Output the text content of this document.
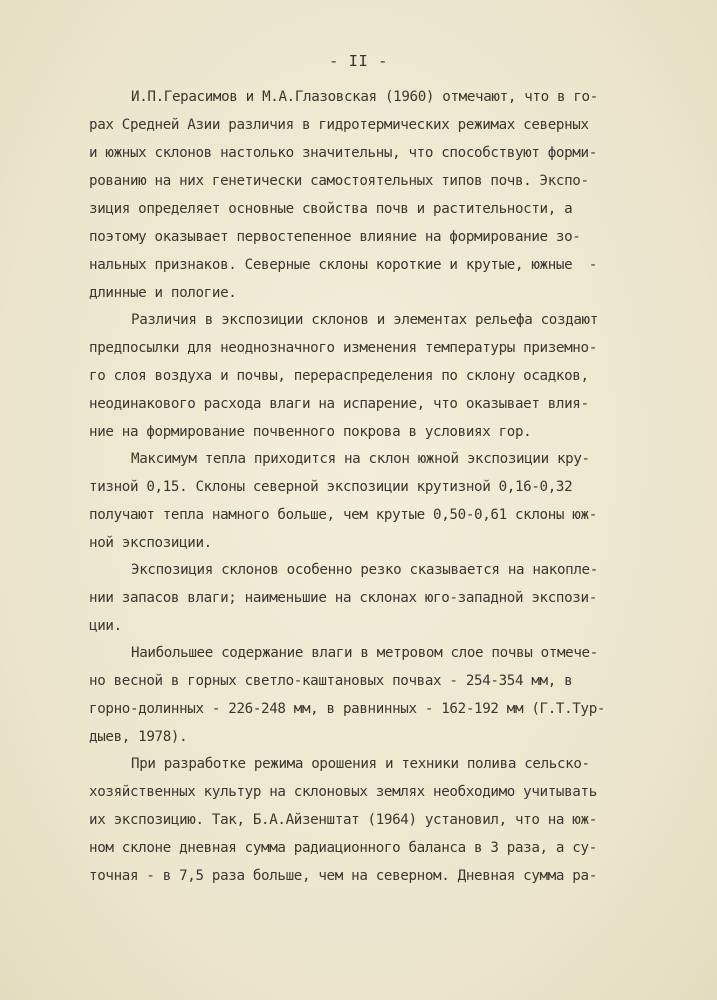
- II -
И.П.Герасимов и М.А.Глазовская (1960) отмечают, что в го-
рах Средней Азии различия в гидротермических режимах северных
и южных склонов настолько значительны, что способствуют форми-
рованию на них генетически самостоятельных типов почв. Экспо-
зиция определяет основные свойства почв и растительности, а
поэтому оказывает первостепенное влияние на формирование зо-
нальных признаков. Северные склоны короткие и крутые, южные  -
длинные и пологие.
Различия в экспозиции склонов и элементах рельефа создают
предпосылки для неоднозначного изменения температуры приземно-
го слоя воздуха и почвы, перераспределения по склону осадков,
неодинакового расхода влаги на испарение, что оказывает влия-
ние на формирование почвенного покрова в условиях гор.
Максимум тепла приходится на склон южной экспозиции кру-
тизной 0,15. Склоны северной экспозиции крутизной 0,16-0,32
получают тепла намного больше, чем крутые 0,50-0,61 склоны юж-
ной экспозиции.
Экспозиция склонов особенно резко сказывается на накопле-
нии запасов влаги; наименьшие на склонах юго-западной экспози-
ции.
Наибольшее содержание влаги в метровом слое почвы отмече-
но весной в горных светло-каштановых почвах - 254-354 мм, в
горно-долинных - 226-248 мм, в равнинных - 162-192 мм (Г.Т.Тур-
дыев, 1978).
При разработке режима орошения и техники полива сельско-
хозяйственных культур на склоновых землях необходимо учитывать
их экспозицию. Так, Б.А.Айзенштат (1964) установил, что на юж-
ном склоне дневная сумма радиационного баланса в 3 раза, а су-
точная - в 7,5 раза больше, чем на северном. Дневная сумма ра-
